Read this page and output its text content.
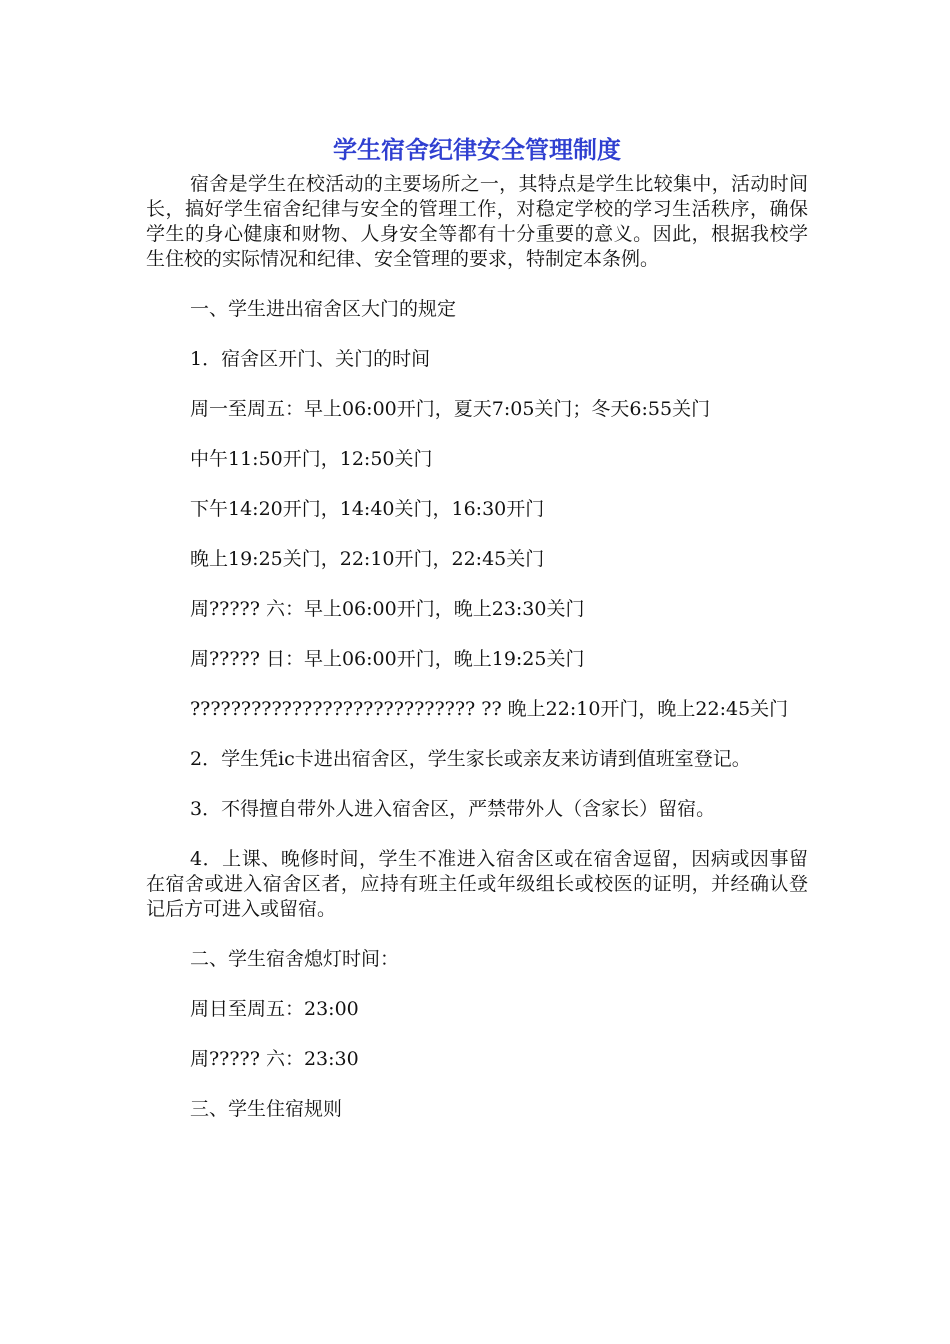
学生宿舍纪律安全管理制度

宿舍是学生在校活动的主要场所之一，其特点是学生比较集中，活动时间长，搞好学生宿舍纪律与安全的管理工作，对稳定学校的学习生活秩序，确保学生的身心健康和财物、人身安全等都有十分重要的意义。因此，根据我校学生住校的实际情况和纪律、安全管理的要求，特制定本条例。

一、学生进出宿舍区大门的规定

1．宿舍区开门、关门的时间

周一至周五：早上06:00开门，夏天7:05关门；冬天6:55关门

中午11:50开门，12:50关门

下午14:20开门，14:40关门，16:30开门

晚上19:25关门，22:10开门，22:45关门

周????? 六：早上06:00开门，晚上23:30关门

周????? 日：早上06:00开门，晚上19:25关门

???????????????????????????? ?? 晚上22:10开门，晚上22:45关门

2．学生凭ic卡进出宿舍区，学生家长或亲友来访请到值班室登记。

3．不得擅自带外人进入宿舍区，严禁带外人（含家长）留宿。

4．上课、晚修时间，学生不准进入宿舍区或在宿舍逗留，因病或因事留在宿舍或进入宿舍区者，应持有班主任或年级组长或校医的证明，并经确认登记后方可进入或留宿。

二、学生宿舍熄灯时间：

周日至周五：23:00

周????? 六：23:30

三、学生住宿规则
